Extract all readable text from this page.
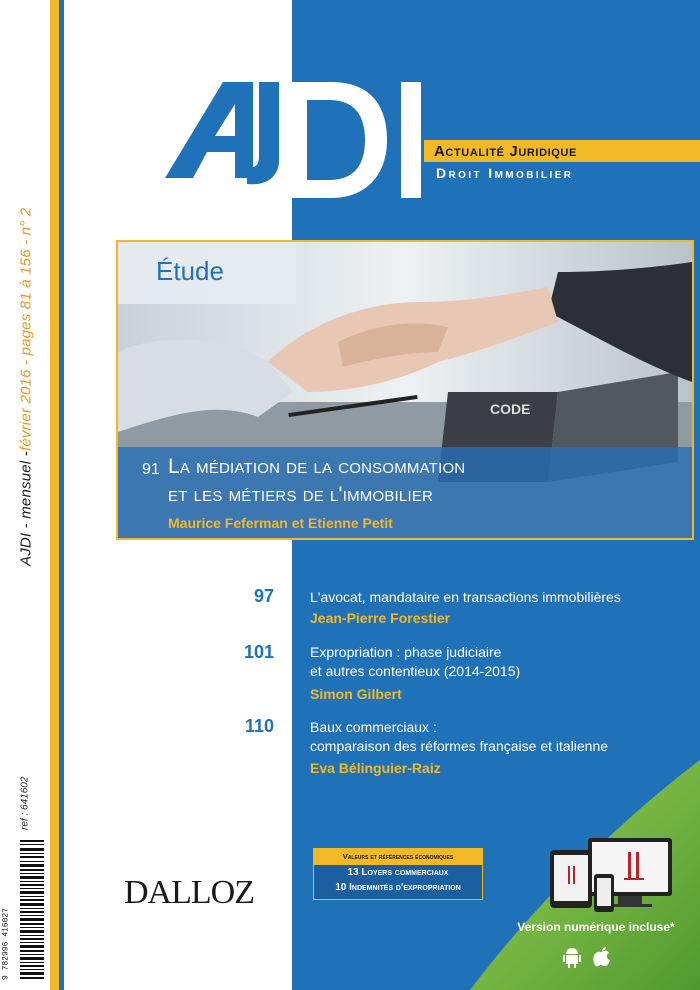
AJDI - mensuel -
février 2016 - pages 81 à 156 - n° 2
ref : 641602
9 782996 416027
Actualité Juridique
Droit Immobilier
CODE
Étude
91 La médiation de la consommation
et les métiers de l'immobilier
Maurice Feferman et Etienne Petit
97	L'avocat, mandataire en transactions immobilières
Jean-Pierre Forestier
101	Expropriation : phase judiciaire
et autres contentieux (2014-2015)
Simon Gilbert
110	Baux commerciaux :
comparaison des réformes française et italienne
Eva Bélinguier-Raiz
Valeurs et références économiques
13 Loyers commerciaux
10 Indemnités d'expropriation
DALLOZ
Version numérique incluse*
